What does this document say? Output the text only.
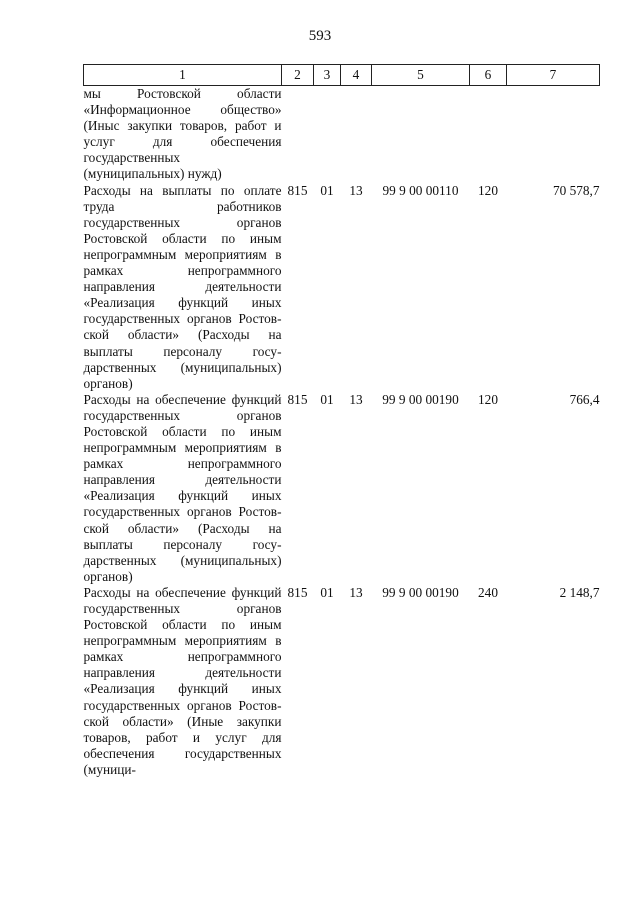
593
1	2	3	4	5	6	7
мы Ростовской области «Информационное общество» (Иныс закупки товаров, работ и услуг для обеспечения государственных (муниципальных) нужд)						
Расходы на выплаты по оплате труда работников государственных органов Ростовской области по иным непрограммным мероприятиям в рамках непрограммного направления деятельности «Реализация функций иных государственных органов Ростовской области» (Расходы на выплаты персоналу государственных (муниципальных) органов)	815	01	13	99 9 00 00110	120	70 578,7
Расходы на обеспечение функций государственных органов Ростовской области по иным непрограммным мероприятиям в рамках непрограммного направления деятельности «Реализация функций иных государственных органов Ростовской области» (Расходы на выплаты персоналу государственных (муниципальных) органов)	815	01	13	99 9 00 00190	120	766,4
Расходы на обеспечение функций государственных органов Ростовской области по иным непрограммным мероприятиям в рамках непрограммного направления деятельности «Реализация функций иных государственных органов Ростовской области» (Иные закупки товаров, работ и услуг для обеспечения государственных (муници-	815	01	13	99 9 00 00190	240	2 148,7
